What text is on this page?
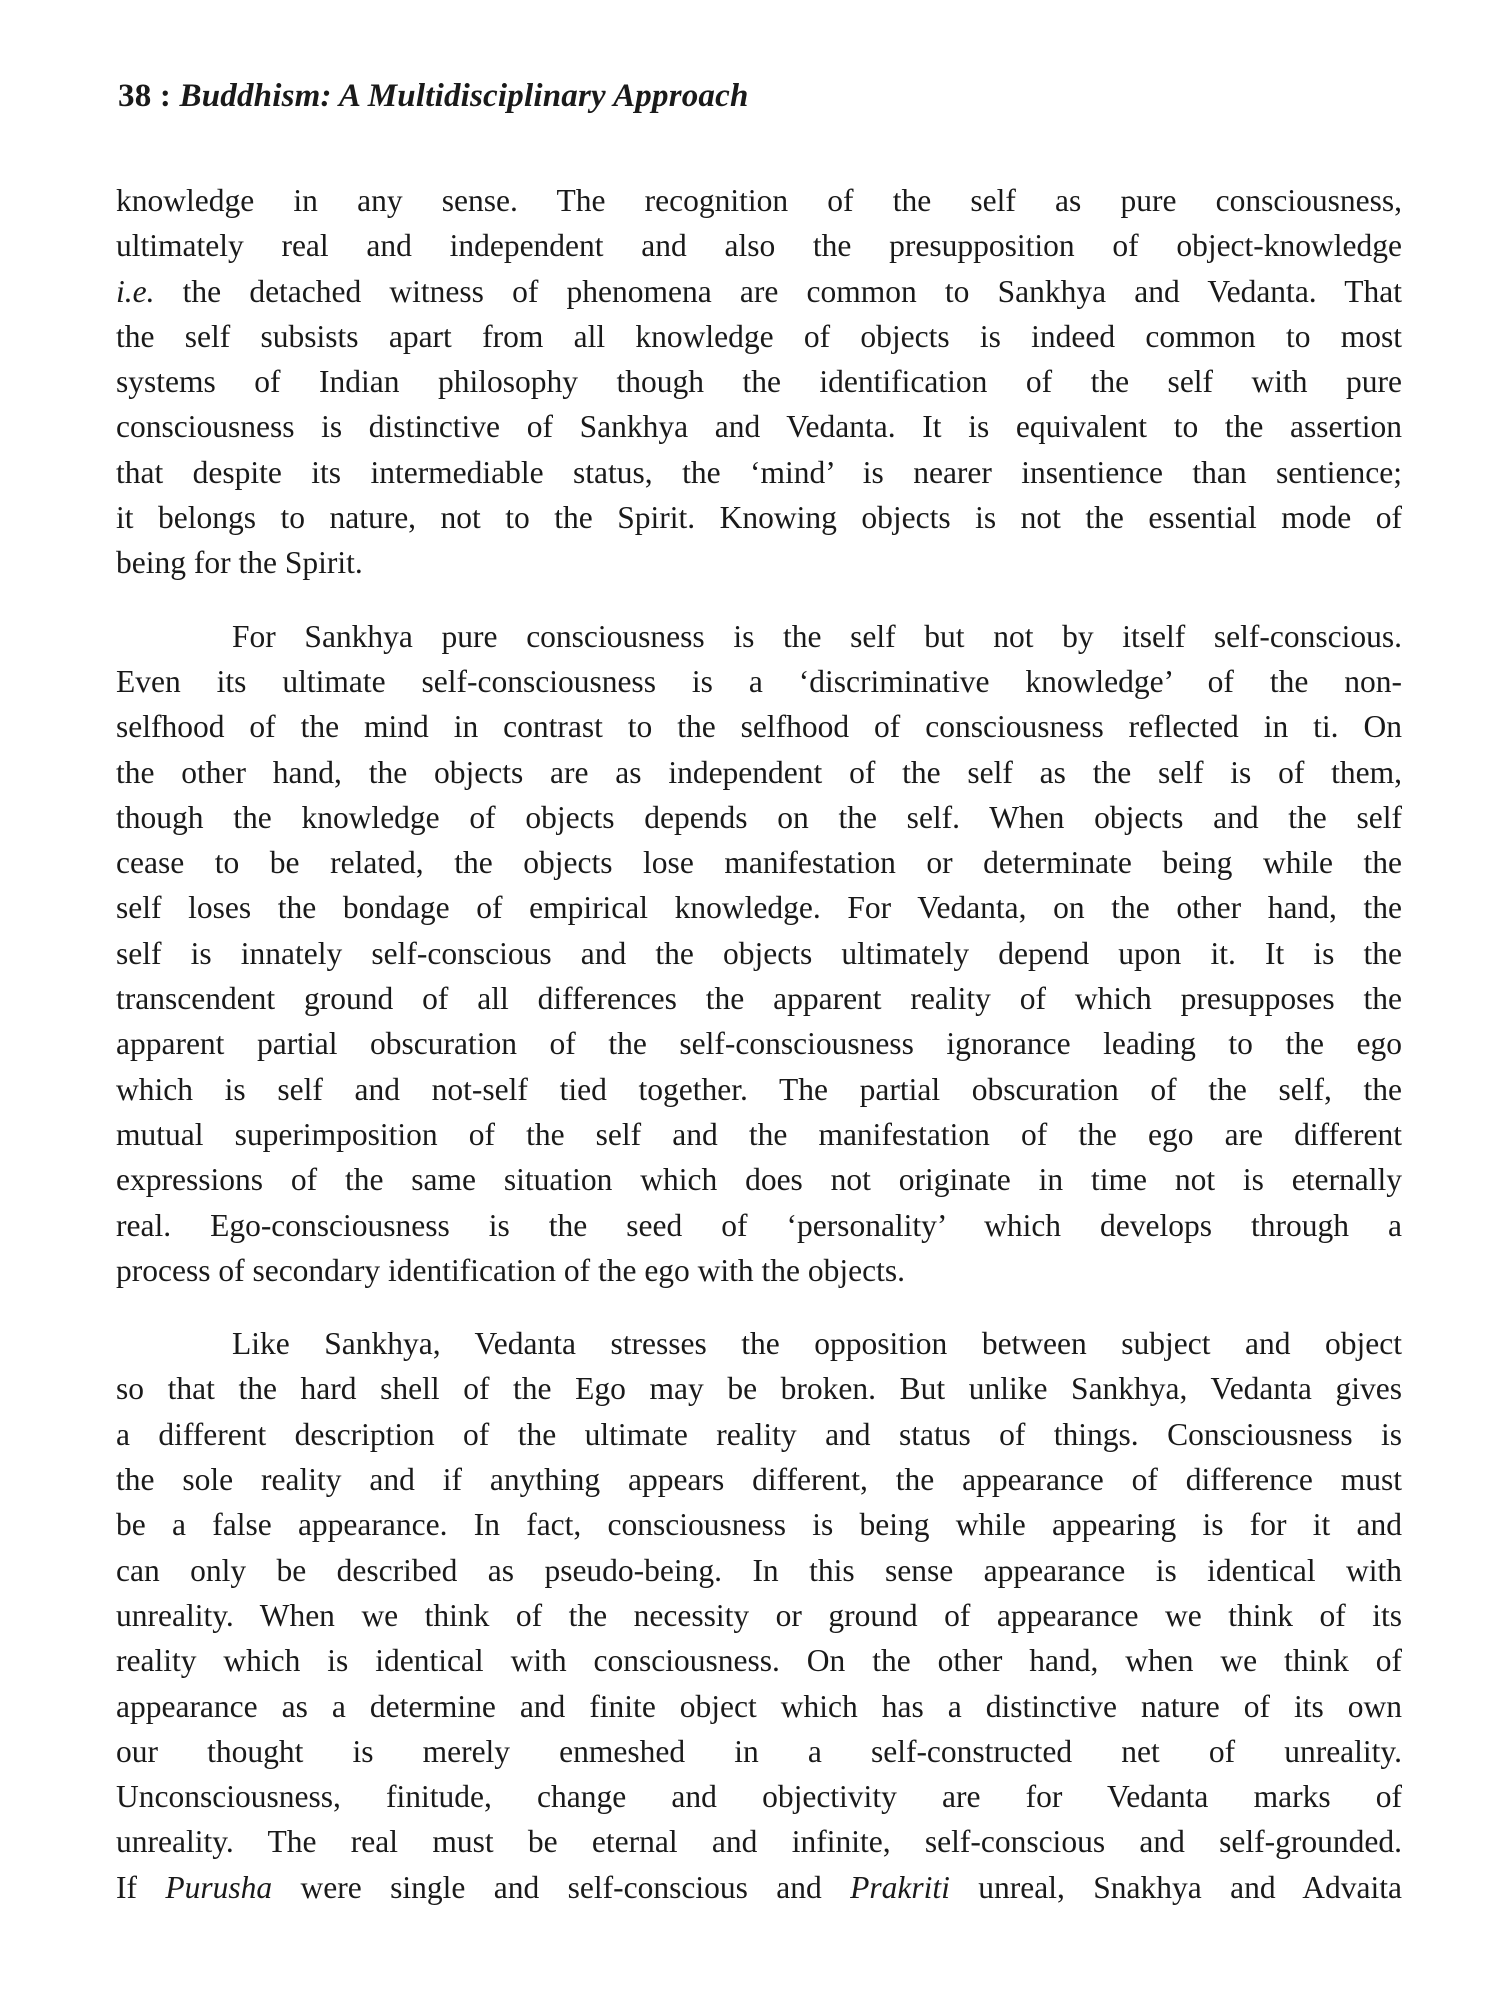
38 : Buddhism: A Multidisciplinary Approach

knowledge in any sense. The recognition of the self as pure consciousness,
ultimately real and independent and also the presupposition of object-knowledge
i.e. the detached witness of phenomena are common to Sankhya and Vedanta. That
the self subsists apart from all knowledge of objects is indeed common to most
systems of Indian philosophy though the identification of the self with pure
consciousness is distinctive of Sankhya and Vedanta. It is equivalent to the assertion
that despite its intermediable status, the ‘mind’ is nearer insentience than sentience;
it belongs to nature, not to the Spirit. Knowing objects is not the essential mode of
being for the Spirit.

For Sankhya pure consciousness is the self but not by itself self-conscious.
Even its ultimate self-consciousness is a ‘discriminative knowledge’ of the non-
selfhood of the mind in contrast to the selfhood of consciousness reflected in ti. On
the other hand, the objects are as independent of the self as the self is of them,
though the knowledge of objects depends on the self. When objects and the self
cease to be related, the objects lose manifestation or determinate being while the
self loses the bondage of empirical knowledge. For Vedanta, on the other hand, the
self is innately self-conscious and the objects ultimately depend upon it. It is the
transcendent ground of all differences the apparent reality of which presupposes the
apparent partial obscuration of the self-consciousness ignorance leading to the ego
which is self and not-self tied together. The partial obscuration of the self, the
mutual superimposition of the self and the manifestation of the ego are different
expressions of the same situation which does not originate in time not is eternally
real. Ego-consciousness is the seed of ‘personality’ which develops through a
process of secondary identification of the ego with the objects.

Like Sankhya, Vedanta stresses the opposition between subject and object
so that the hard shell of the Ego may be broken. But unlike Sankhya, Vedanta gives
a different description of the ultimate reality and status of things. Consciousness is
the sole reality and if anything appears different, the appearance of difference must
be a false appearance. In fact, consciousness is being while appearing is for it and
can only be described as pseudo-being. In this sense appearance is identical with
unreality. When we think of the necessity or ground of appearance we think of its
reality which is identical with consciousness. On the other hand, when we think of
appearance as a determine and finite object which has a distinctive nature of its own
our thought is merely enmeshed in a self-constructed net of unreality.
Unconsciousness, finitude, change and objectivity are for Vedanta marks of
unreality. The real must be eternal and infinite, self-conscious and self-grounded.
If Purusha were single and self-conscious and Prakriti unreal, Snakhya and Advaita
